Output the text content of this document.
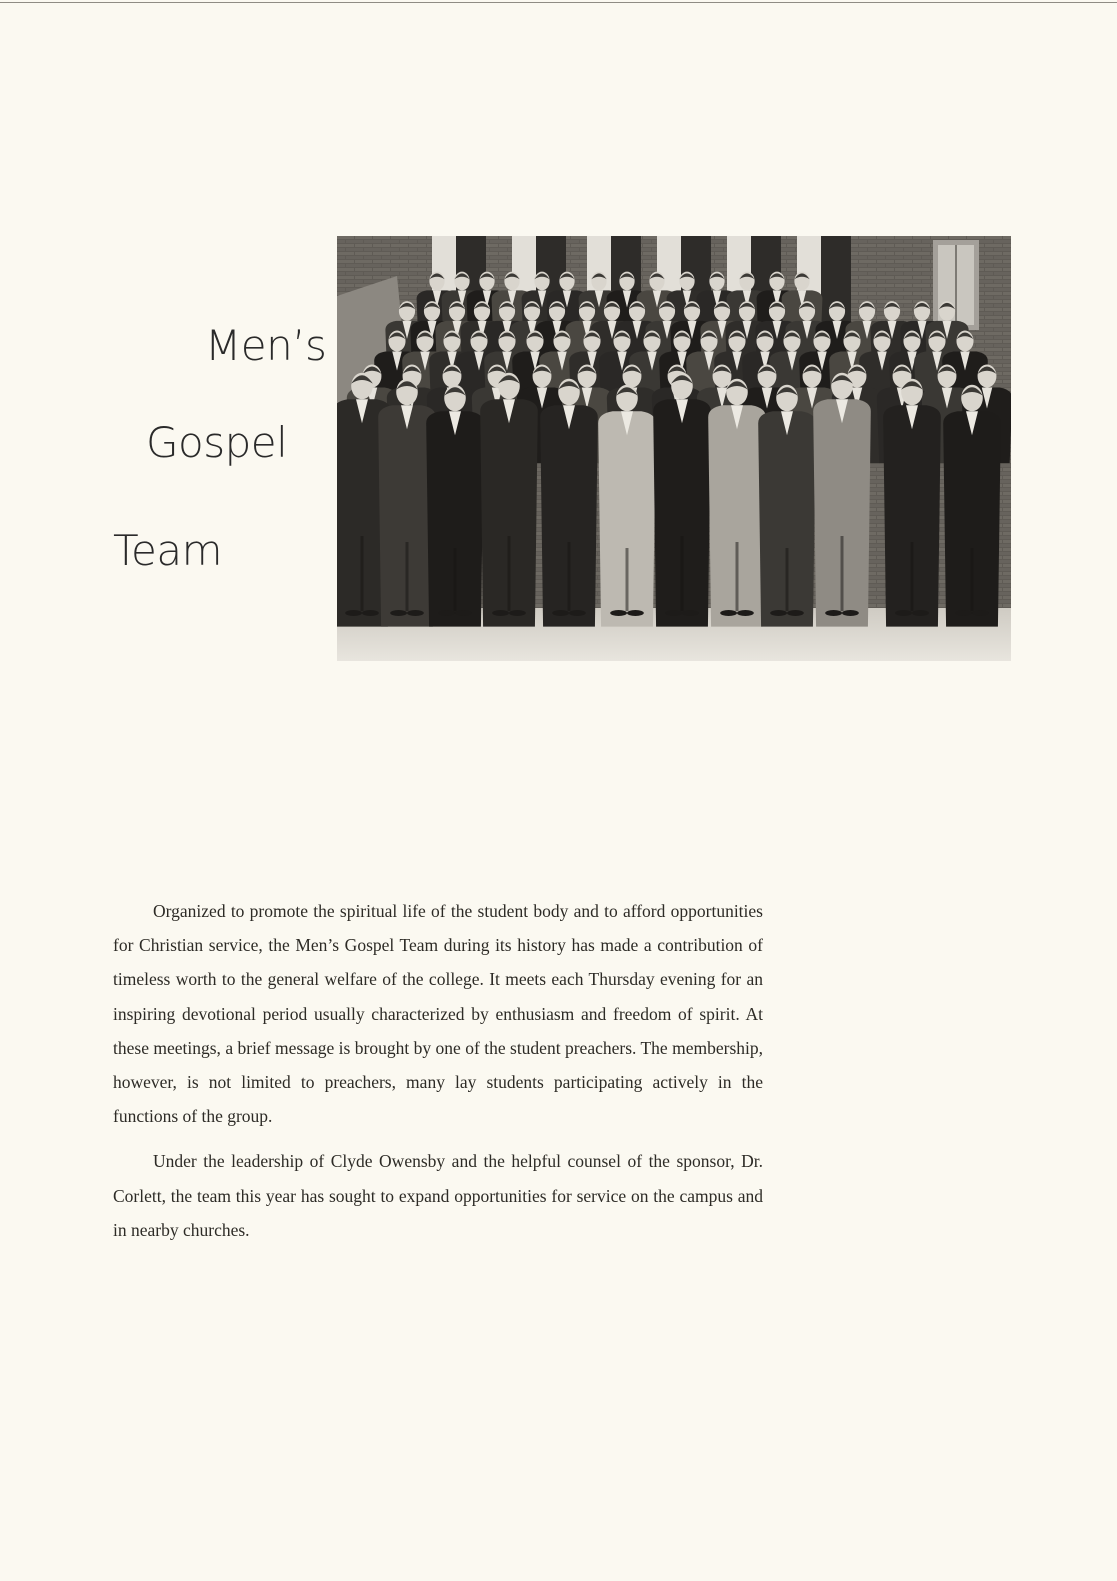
Men’s
Gospel
Team

Organized to promote the spiritual life of the student body and to afford opportunities for Christian service, the Men’s Gospel Team during its history has made a contribution of timeless worth to the general welfare of the college. It meets each Thursday evening for an inspiring devotional period usually characterized by enthusiasm and freedom of spirit. At these meetings, a brief message is brought by one of the student preachers. The membership, however, is not limited to preachers, many lay students participating actively in the functions of the group.

Under the leadership of Clyde Owensby and the helpful counsel of the sponsor, Dr. Corlett, the team this year has sought to expand opportunities for service on the campus and in nearby churches.
